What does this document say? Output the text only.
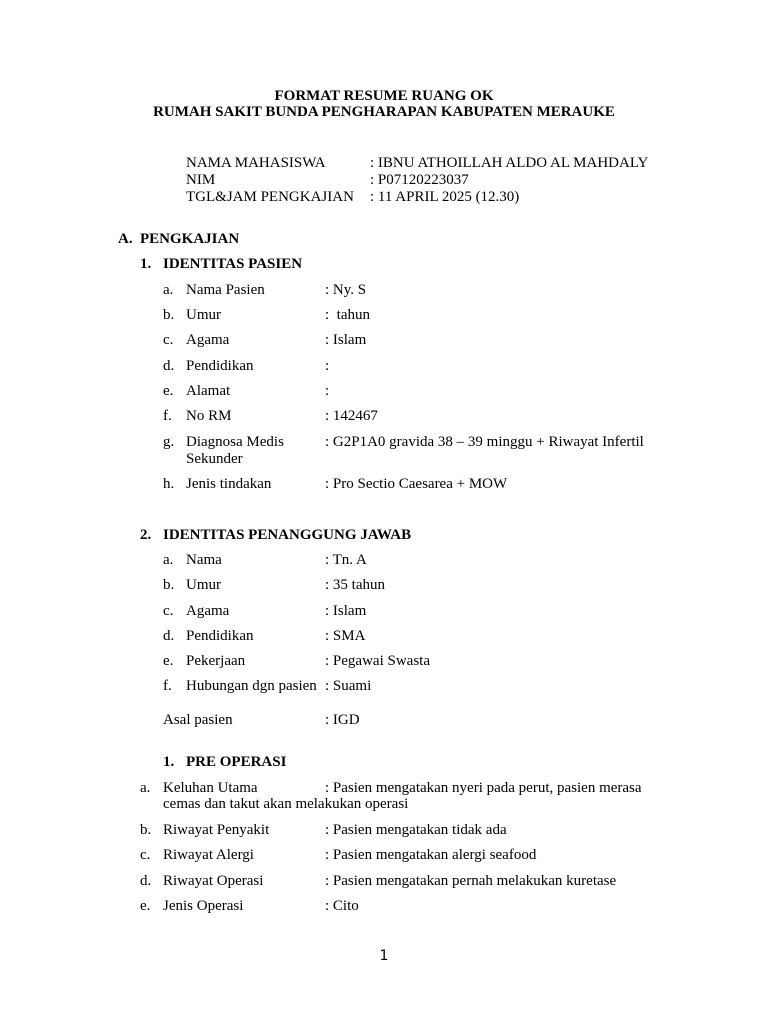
FORMAT RESUME RUANG OK
RUMAH SAKIT BUNDA PENGHARAPAN KABUPATEN MERAUKE
NAMA MAHASISWA	: IBNU ATHOILLAH ALDO AL MAHDALY
NIM	: P07120223037
TGL&JAM PENGKAJIAN : 11 APRIL 2025 (12.30)
A. PENGKAJIAN
1. IDENTITAS PASIEN
a. Nama Pasien	: Ny. S
b. Umur	:  tahun
c. Agama	: Islam
d. Pendidikan	:
e. Alamat	:
f. No RM	: 142467
g. Diagnosa Medis
Sekunder
: G2P1A0 gravida 38 – 39 minggu + Riwayat Infertil
h. Jenis tindakan	: Pro Sectio Caesarea + MOW
2. IDENTITAS PENANGGUNG JAWAB
a. Nama	: Tn. A
b. Umur	: 35 tahun
c. Agama	: Islam
d. Pendidikan	: SMA
e. Pekerjaan	: Pegawai Swasta
f. Hubungan dgn pasien : Suami
Asal pasien	: IGD
1. PRE OPERASI
a. Keluhan Utama	: Pasien mengatakan nyeri pada perut, pasien merasa
cemas dan takut akan melakukan operasi
b. Riwayat Penyakit	: Pasien mengatakan tidak ada
c. Riwayat Alergi	: Pasien mengatakan alergi seafood
d. Riwayat Operasi	: Pasien mengatakan pernah melakukan kuretase
e. Jenis Operasi	: Cito
1
